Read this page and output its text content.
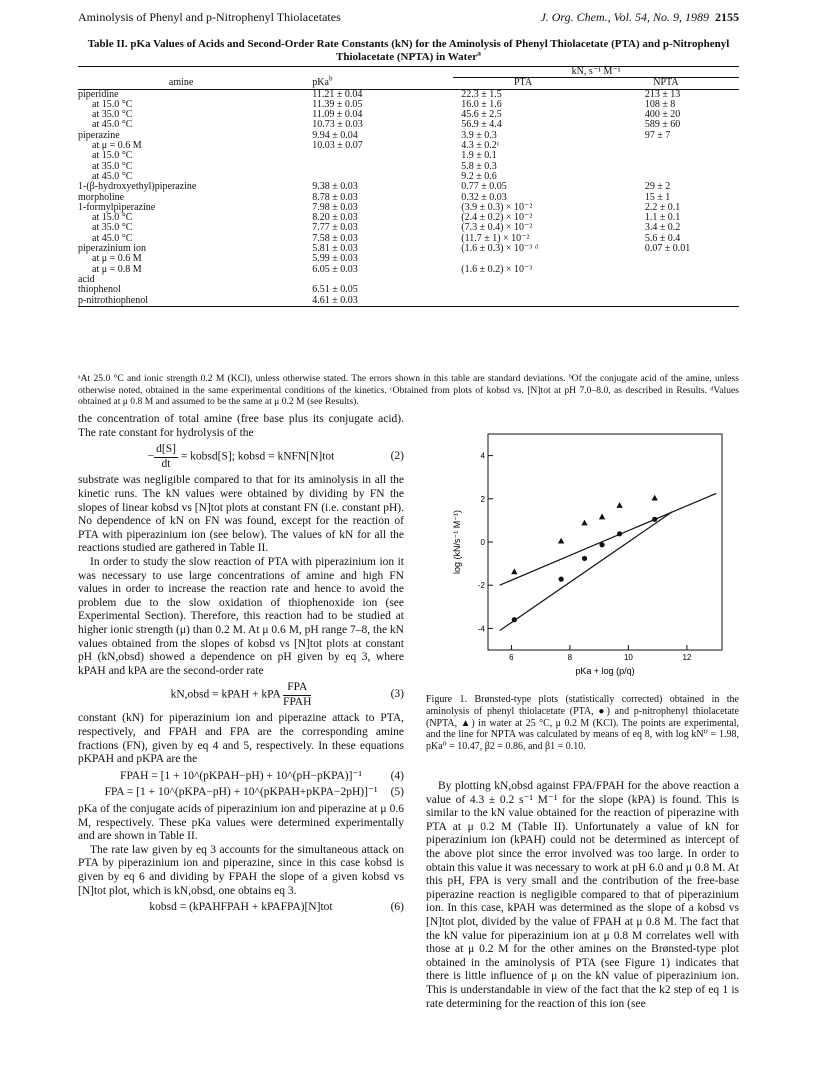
Aminolysis of Phenyl and p-Nitrophenyl Thiolacetates	J. Org. Chem., Vol. 54, No. 9, 1989 2155
Table II. pKa Values of Acids and Second-Order Rate Constants (kN) for the Aminolysis of Phenyl Thiolacetate (PTA) and p-Nitrophenyl Thiolacetate (NPTA) in Water$^a$
		kN, s⁻¹ M⁻¹	
amine	pKa$^b$	PTA	NPTA
piperidine	11.21 ± 0.04	22.3 ± 1.5	213 ± 13
at 15.0 °C	11.39 ± 0.05	16.0 ± 1.6	108 ± 8
at 35.0 °C	11.09 ± 0.04	45.6 ± 2.5	400 ± 20
at 45.0 °C	10.73 ± 0.03	56.9 ± 4.4	589 ± 60
piperazine	9.94 ± 0.04	3.9 ± 0.3	97 ± 7
at μ = 0.6 M	10.03 ± 0.07	4.3 ± 0.2ᶜ	
at 15.0 °C		1.9 ± 0.1	
at 35.0 °C		5.8 ± 0.3	
at 45.0 °C		9.2 ± 0.6	
1-(β-hydroxyethyl)piperazine	9.38 ± 0.03	0.77 ± 0.05	29 ± 2
morpholine	8.78 ± 0.03	0.32 ± 0.03	15 ± 1
1-formylpiperazine	7.98 ± 0.03	(3.9 ± 0.3) × 10⁻²	2.2 ± 0.1
at 15.0 °C	8.20 ± 0.03	(2.4 ± 0.2) × 10⁻²	1.1 ± 0.1
at 35.0 °C	7.77 ± 0.03	(7.3 ± 0.4) × 10⁻²	3.4 ± 0.2
at 45.0 °C	7.58 ± 0.03	(11.7 ± 1) × 10⁻²	5.6 ± 0.4
piperazinium ion	5.81 ± 0.03	(1.6 ± 0.3) × 10⁻³ ᵈ	0.07 ± 0.01
at μ = 0.6 M	5.99 ± 0.03		
at μ = 0.8 M	6.05 ± 0.03	(1.6 ± 0.2) × 10⁻³	
acid			
thiophenol	6.51 ± 0.05		
p-nitrothiophenol	4.61 ± 0.03		
ᵃAt 25.0 °C and ionic strength 0.2 M (KCl), unless otherwise stated. The errors shown in this table are standard deviations. ᵇOf the conjugate acid of the amine, unless otherwise noted, obtained in the same experimental conditions of the kinetics. ᶜObtained from plots of kobsd vs. [N]tot at pH 7.0–8.0, as described in Results. ᵈValues obtained at μ 0.8 M and assumed to be the same at μ 0.2 M (see Results).

the concentration of total amine (free base plus its conjugate acid). The rate constant for hydrolysis of the

− $\frac{d[S]}{dt}$ = kobsd[S]; kobsd = kNFN[N]tot	(2)

substrate was negligible compared to that for its aminolysis in all the kinetic runs. The kN values were obtained by dividing by FN the slopes of linear kobsd vs [N]tot plots at constant FN (i.e. constant pH). No dependence of kN on FN was found, except for the reaction of PTA with piperazinium ion (see below). The values of kN for all the reactions studied are gathered in Table II.

In order to study the slow reaction of PTA with piperazinium ion it was necessary to use large concentrations of amine and high FN values in order to increase the reaction rate and hence to avoid the problem due to the slow oxidation of thiophenoxide ion (see Experimental Section). Therefore, this reaction had to be studied at higher ionic strength (μ) than 0.2 M. At μ 0.6 M, pH range 7–8, the kN values obtained from the slopes of kobsd vs [N]tot plots at constant pH (kN,obsd) showed a dependence on pH given by eq 3, where kPAH and kPA are the second-order rate

kN,obsd = kPAH + kPA $\frac{\text{FPA}}{\text{FPAH}}$	(3)

constant (kN) for piperazinium ion and piperazine attack to PTA, respectively, and FPAH and FPA are the corresponding amine fractions (FN), given by eq 4 and 5, respectively. In these equations pKPAH and pKPA are the

FPAH = [1 + 10^(pKPAH−pH) + 10^(pH−pKPA)]⁻¹ (4)
FPA = [1 + 10^(pKPA−pH) + 10^(pKPAH+pKPA−2pH)]⁻¹ (5)

pKa of the conjugate acids of piperazinium ion and piperazine at μ 0.6 M, respectively. These pKa values were determined experimentally and are shown in Table II.

The rate law given by eq 3 accounts for the simultaneous attack on PTA by piperazinium ion and piperazine, since in this case kobsd is given by eq 6 and dividing by FPAH the slope of a given kobsd vs [N]tot plot, which is kN,obsd, one obtains eq 3.

kobsd = (kPAHFPAH + kPAFPA)[N]tot	(6)
-4
-2
0
2
4
6	8	10	12
log (kN/s⁻¹ M⁻¹)
pKa + log (p/q)
Figure 1. Brønsted-type plots (statistically corrected) obtained in the aminolysis of phenyl thiolacetate (PTA, ●) and p-nitrophenyl thiolacetate (NPTA, ▲) in water at 25 °C, μ 0.2 M (KCl). The points are experimental, and the line for NPTA was calculated by means of eq 8, with log kN⁰ = 1.98, pKa⁰ = 10.47, β2 = 0.86, and β1 = 0.10.

By plotting kN,obsd against FPA/FPAH for the above reaction a value of 4.3 ± 0.2 s⁻¹ M⁻¹ for the slope (kPA) is found. This is similar to the kN value obtained for the reaction of piperazine with PTA at μ 0.2 M (Table II). Unfortunately a value of kN for piperazinium ion (kPAH) could not be determined as intercept of the above plot since the error involved was too large. In order to obtain this value it was necessary to work at pH 6.0 and μ 0.8 M. At this pH, FPA is very small and the contribution of the free-base piperazine reaction is negligible compared to that of piperazinium ion. In this case, kPAH was determined as the slope of a kobsd vs [N]tot plot, divided by the value of FPAH at μ 0.8 M. The fact that the kN value for piperazinium ion at μ 0.8 M correlates well with those at μ 0.2 M for the other amines on the Brønsted-type plot obtained in the aminolysis of PTA (see Figure 1) indicates that there is little influence of μ on the kN value of piperazinium ion. This is understandable in view of the fact that the k2 step of eq 1 is rate determining for the reaction of this ion (see
